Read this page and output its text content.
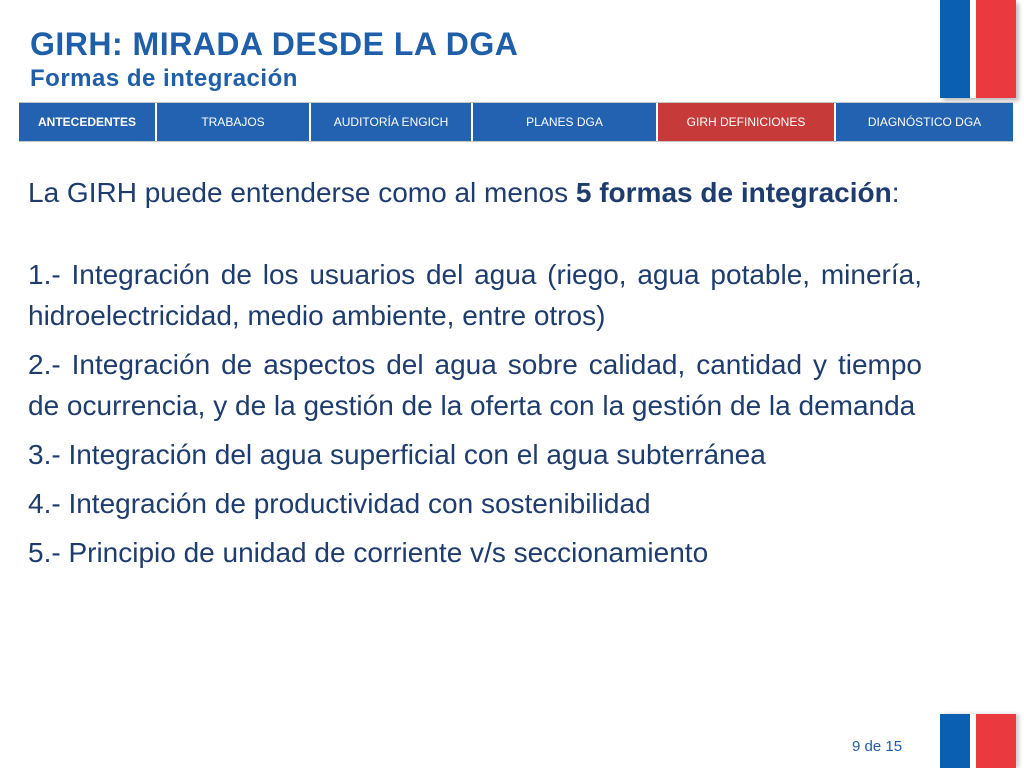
GIRH: MIRADA DESDE LA DGA
Formas de integración
ANTECEDENTES	TRABAJOS	AUDITORÍA ENGICH	PLANES DGA	GIRH DEFINICIONES	DIAGNÓSTICO DGA

La GIRH puede entenderse como al menos 5 formas de integración:

1.- Integración de los usuarios del agua (riego, agua potable, minería, hidroelectricidad, medio ambiente, entre otros)

2.- Integración de aspectos del agua sobre calidad, cantidad y tiempo de ocurrencia, y de la gestión de la oferta con la gestión de la demanda

3.- Integración del agua superficial con el agua subterránea

4.- Integración de productividad con sostenibilidad

5.- Principio de unidad de corriente v/s seccionamiento

9 de 15
